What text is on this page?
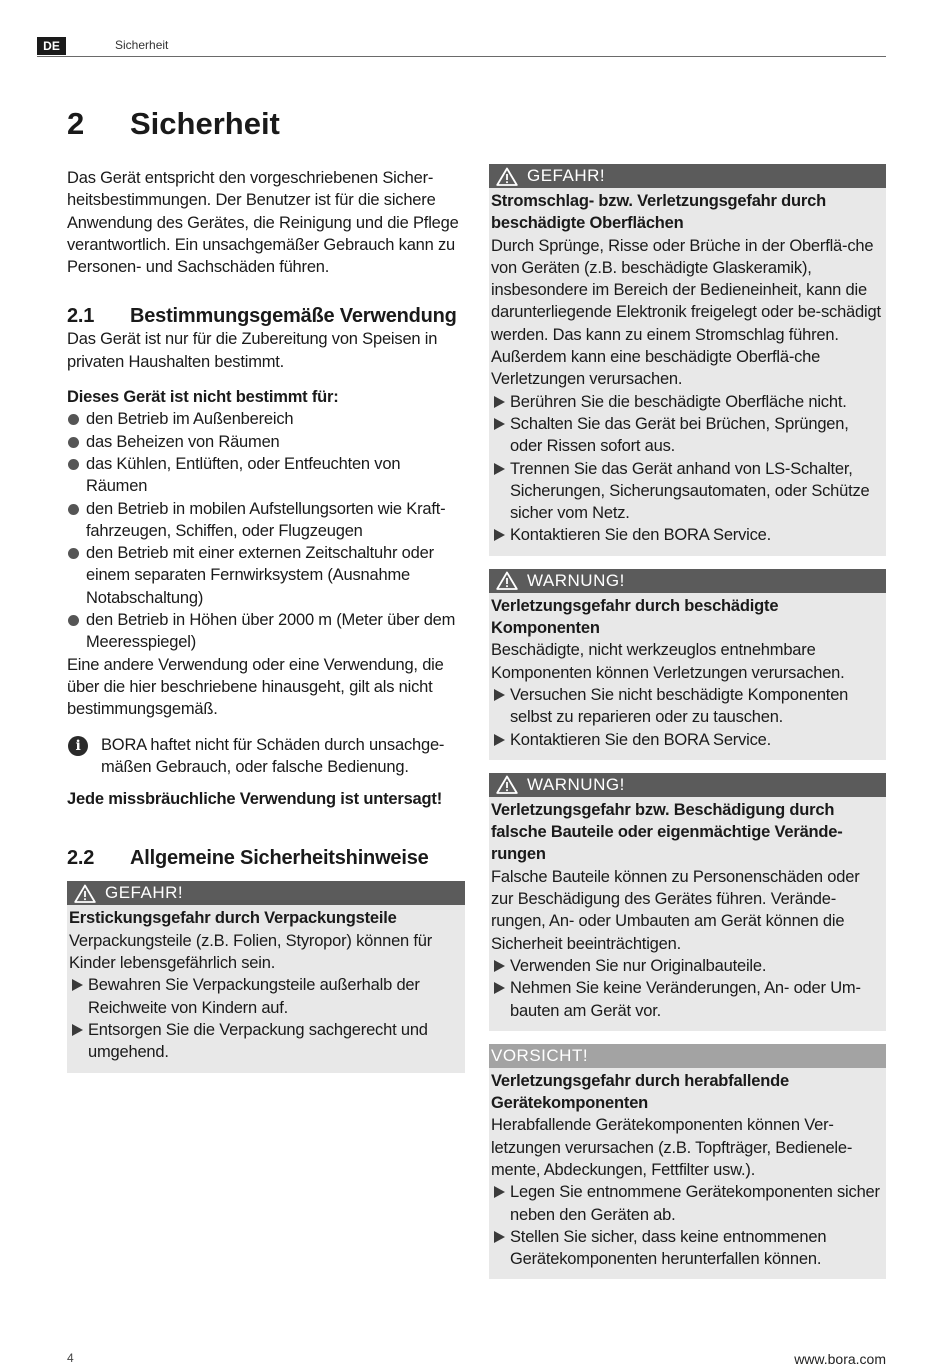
DE	Sicherheit
2 Sicherheit

Das Gerät entspricht den vorgeschriebenen Sicher-heitsbestimmungen. Der Benutzer ist für die sichere Anwendung des Gerätes, die Reinigung und die Pflege verantwortlich. Ein unsachgemäßer Gebrauch kann zu Personen- und Sachschäden führen.

2.1	Bestimmungsgemäße Verwendung

Das Gerät ist nur für die Zubereitung von Speisen in privaten Haushalten bestimmt.

Dieses Gerät ist nicht bestimmt für:

den Betrieb im Außenbereich
das Beheizen von Räumen
das Kühlen, Entlüften, oder Entfeuchten von Räumen
den Betrieb in mobilen Aufstellungsorten wie Kraft-fahrzeugen, Schiffen, oder Flugzeugen
den Betrieb mit einer externen Zeitschaltuhr oder einem separaten Fernwirksystem (Ausnahme Notabschaltung)
den Betrieb in Höhen über 2000 m (Meter über dem Meeresspiegel)

Eine andere Verwendung oder eine Verwendung, die über die hier beschriebene hinausgeht, gilt als nicht bestimmungsgemäß.

i	BORA haftet nicht für Schäden durch unsachge-mäßen Gebrauch, oder falsche Bedienung.

Jede missbräuchliche Verwendung ist untersagt!

2.2	Allgemeine Sicherheitshinweise
GEFAHR!

Erstickungsgefahr durch Verpackungsteile

Verpackungsteile (z.B. Folien, Styropor) können für Kinder lebensgefährlich sein.

Bewahren Sie Verpackungsteile außerhalb der Reichweite von Kindern auf.
Entsorgen Sie die Verpackung sachgerecht und umgehend.
GEFAHR!

Stromschlag- bzw. Verletzungsgefahr durch beschädigte Oberflächen

Durch Sprünge, Risse oder Brüche in der Oberflä-che von Geräten (z.B. beschädigte Glaskeramik), insbesondere im Bereich der Bedieneinheit, kann die darunterliegende Elektronik freigelegt oder be-schädigt werden. Das kann zu einem Stromschlag führen. Außerdem kann eine beschädigte Oberflä-che Verletzungen verursachen.

Berühren Sie die beschädigte Oberfläche nicht.
Schalten Sie das Gerät bei Brüchen, Sprüngen, oder Rissen sofort aus.
Trennen Sie das Gerät anhand von LS-Schalter, Sicherungen, Sicherungsautomaten, oder Schütze sicher vom Netz.
Kontaktieren Sie den BORA Service.
WARNUNG!

Verletzungsgefahr durch beschädigte Komponenten

Beschädigte, nicht werkzeuglos entnehmbare Komponenten können Verletzungen verursachen.

Versuchen Sie nicht beschädigte Komponenten selbst zu reparieren oder zu tauschen.
Kontaktieren Sie den BORA Service.
WARNUNG!

Verletzungsgefahr bzw. Beschädigung durch falsche Bauteile oder eigenmächtige Verände-rungen

Falsche Bauteile können zu Personenschäden oder zur Beschädigung des Gerätes führen. Verände-rungen, An- oder Umbauten am Gerät können die Sicherheit beeinträchtigen.

Verwenden Sie nur Originalbauteile.
Nehmen Sie keine Veränderungen, An- oder Um-bauten am Gerät vor.
VORSICHT!

Verletzungsgefahr durch herabfallende Gerätekomponenten

Herabfallende Gerätekomponenten können Ver-letzungen verursachen (z.B. Topfträger, Bedienele-mente, Abdeckungen, Fettfilter usw.).

Legen Sie entnommene Gerätekomponenten sicher neben den Geräten ab.
Stellen Sie sicher, dass keine entnommenen Gerätekomponenten herunterfallen können.
4	www.bora.com
